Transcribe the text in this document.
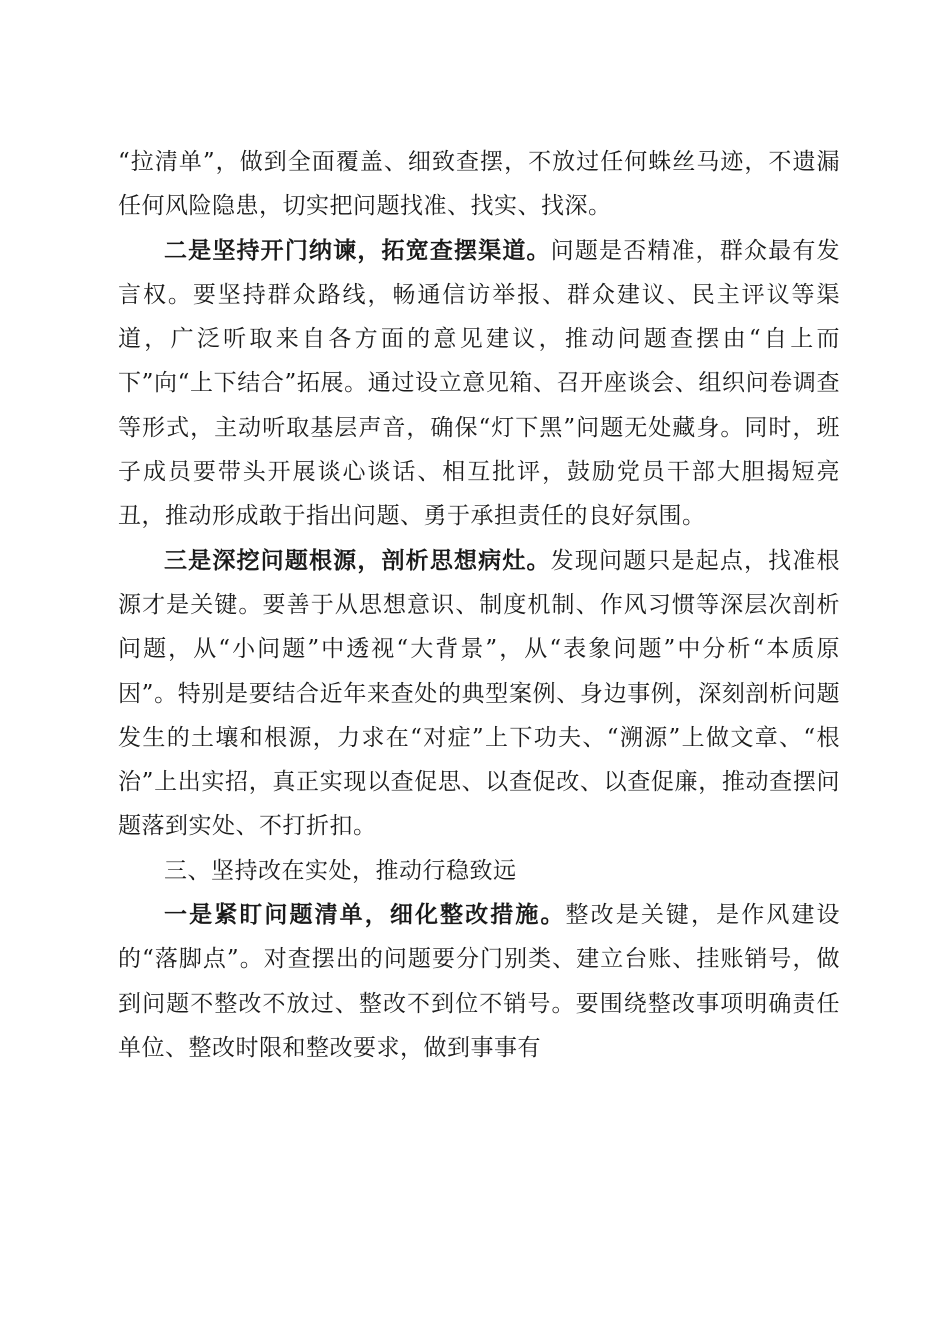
“拉清单”，做到全面覆盖、细致查摆，不放过任何蛛丝马迹，不遗漏任何风险隐患，切实把问题找准、找实、找深。

二是坚持开门纳谏，拓宽查摆渠道。问题是否精准，群众最有发言权。要坚持群众路线，畅通信访举报、群众建议、民主评议等渠道，广泛听取来自各方面的意见建议，推动问题查摆由“自上而下”向“上下结合”拓展。通过设立意见箱、召开座谈会、组织问卷调查等形式，主动听取基层声音，确保“灯下黑”问题无处藏身。同时，班子成员要带头开展谈心谈话、相互批评，鼓励党员干部大胆揭短亮丑，推动形成敢于指出问题、勇于承担责任的良好氛围。

三是深挖问题根源，剖析思想病灶。发现问题只是起点，找准根源才是关键。要善于从思想意识、制度机制、作风习惯等深层次剖析问题，从“小问题”中透视“大背景”，从“表象问题”中分析“本质原因”。特别是要结合近年来查处的典型案例、身边事例，深刻剖析问题发生的土壤和根源，力求在“对症”上下功夫、“溯源”上做文章、“根治”上出实招，真正实现以查促思、以查促改、以查促廉，推动查摆问题落到实处、不打折扣。

三、坚持改在实处，推动行稳致远

一是紧盯问题清单，细化整改措施。整改是关键，是作风建设的“落脚点”。对查摆出的问题要分门别类、建立台账、挂账销号，做到问题不整改不放过、整改不到位不销号。要围绕整改事项明确责任单位、整改时限和整改要求，做到事事有
